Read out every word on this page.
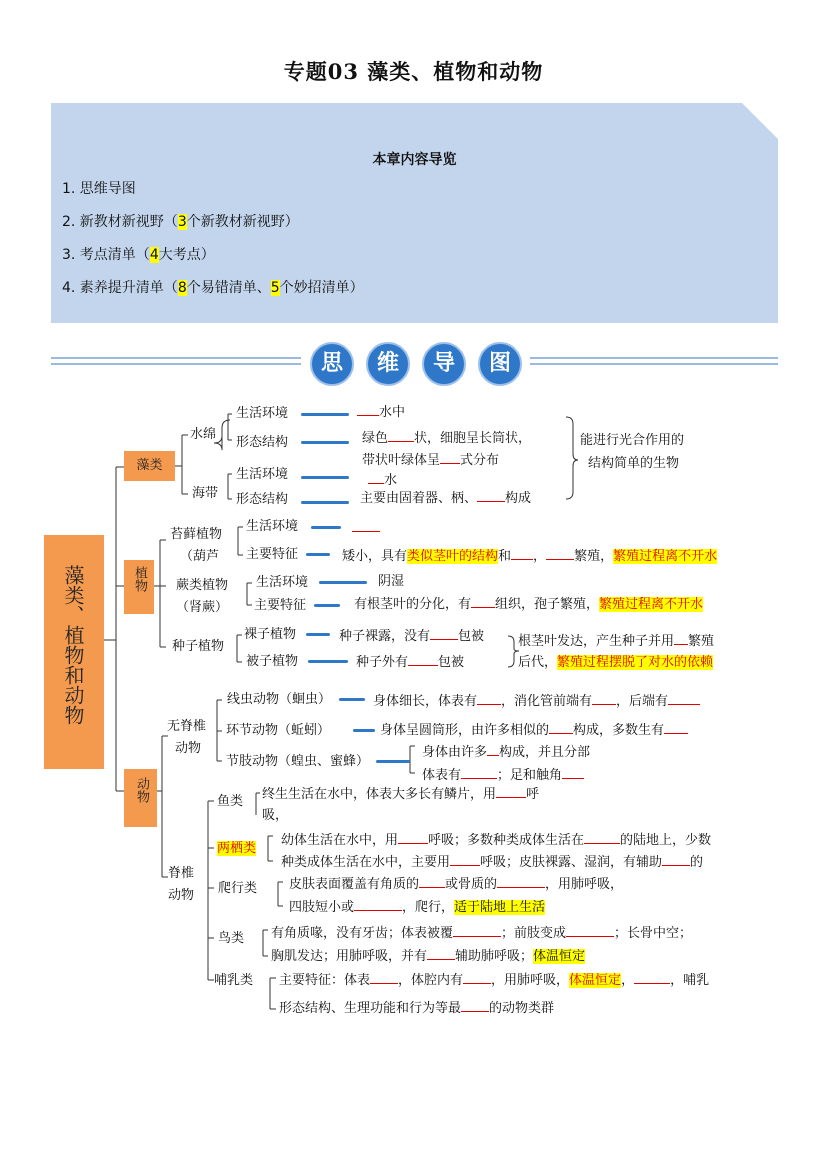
专题03 藻类、植物和动物
本章内容导览
1. 思维导图
2. 新教材新视野（3个新教材新视野）
3. 考点清单（4大考点）
4. 素养提升清单（8个易错清单、5个妙招清单）
思	维	导	图
藻类、植物和动物
藻类
水绵
海带
生活环境
形态结构
生活环境
形态结构
水中
绿色 状，细胞呈长筒状，
带状叶绿体呈 式分布
水
主要由固着器、柄、 构成
能进行光合作用的
结构简单的生物
植物
苔藓植物
（葫芦
生活环境
主要特征	矮小，具有类似茎叶的结构和 ， 繁殖，繁殖过程离不开水
蕨类植物
（肾蕨）
生活环境
主要特征
阴湿
有根茎叶的分化，有 组织，孢子繁殖，繁殖过程离不开水
种子植物
裸子植物
被子植物
种子裸露，没有 包被
种子外有 包被
根茎叶发达，产生种子并用 繁殖
后代，繁殖过程摆脱了对水的依赖
动物
无脊椎
动物
线虫动物（蛔虫）
环节动物（蚯蚓）
节肢动物（蝗虫、蜜蜂）
身体细长，体表有 ，消化管前端有 ，后端有
身体呈圆筒形，由许多相似的 构成，多数生有
身体由许多 构成，并且分部
体表有	；足和触角
脊椎
动物
鱼类 终生生活在水中，体表大多长有鳞片，用 呼
吸，
两栖类
幼体生活在水中，用 呼吸；多数种类成体生活在	的陆地上，少数
种类成体生活在水中，主要用 呼吸；皮肤裸露、湿润，有辅助 的
爬行类 皮肤表面覆盖有角质的 或骨质的	，用肺呼吸，
四肢短小或	，爬行，适于陆地上生活
鸟类 有角质喙，没有牙齿；体表被覆	；前肢变成	；长骨中空；
胸肌发达；用肺呼吸，并有 辅助肺呼吸；体温恒定
哺乳类 主要特征：体表 ，体腔内有 ，用肺呼吸，体温恒定，	，哺乳
形态结构、生理功能和行为等最 的动物类群
